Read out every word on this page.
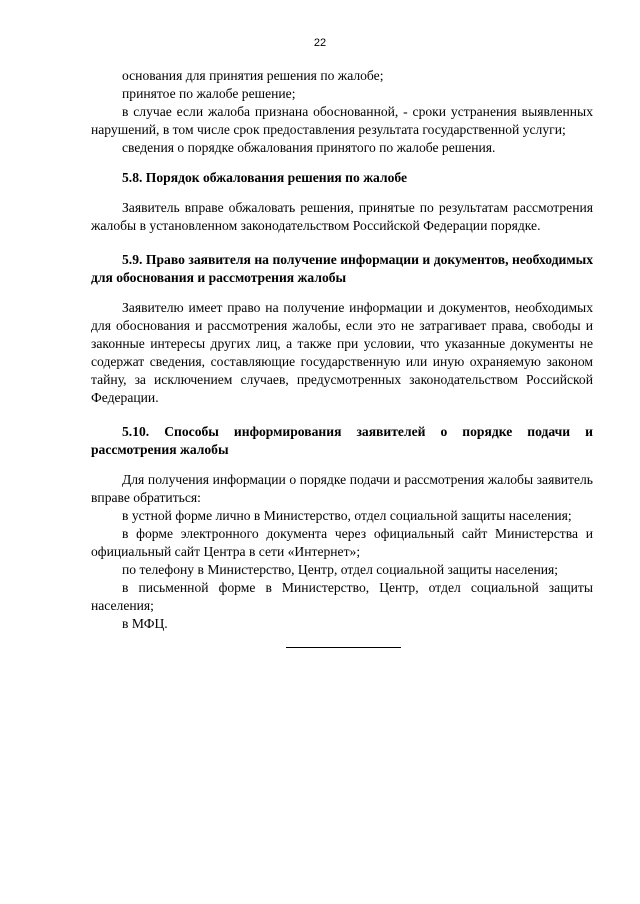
22

основания для принятия решения по жалобе;

принятое по жалобе решение;

в случае если жалоба признана обоснованной, - сроки устранения выявленных нарушений, в том числе срок предоставления результата государственной услуги;

сведения о порядке обжалования принятого по жалобе решения.

5.8. Порядок обжалования решения по жалобе

Заявитель вправе обжаловать решения, принятые по результатам рассмотрения жалобы в установленном законодательством Российской Федерации порядке.

5.9. Право заявителя на получение информации и документов, необходимых для обоснования и рассмотрения жалобы

Заявителю имеет право на получение информации и документов, необходимых для обоснования и рассмотрения жалобы, если это не затрагивает права, свободы и законные интересы других лиц, а также при условии, что указанные документы не содержат сведения, составляющие государственную или иную охраняемую законом тайну, за исключением случаев, предусмотренных законодательством Российской Федерации.

5.10. Способы информирования заявителей о порядке подачи и рассмотрения жалобы

Для получения информации о порядке подачи и рассмотрения жалобы заявитель вправе обратиться:

в устной форме лично в Министерство, отдел социальной защиты населения;

в форме электронного документа через официальный сайт Министерства и официальный сайт Центра в сети «Интернет»;

по телефону в Министерство, Центр, отдел социальной защиты населения;

в письменной форме в Министерство, Центр, отдел социальной защиты населения;

в МФЦ.
